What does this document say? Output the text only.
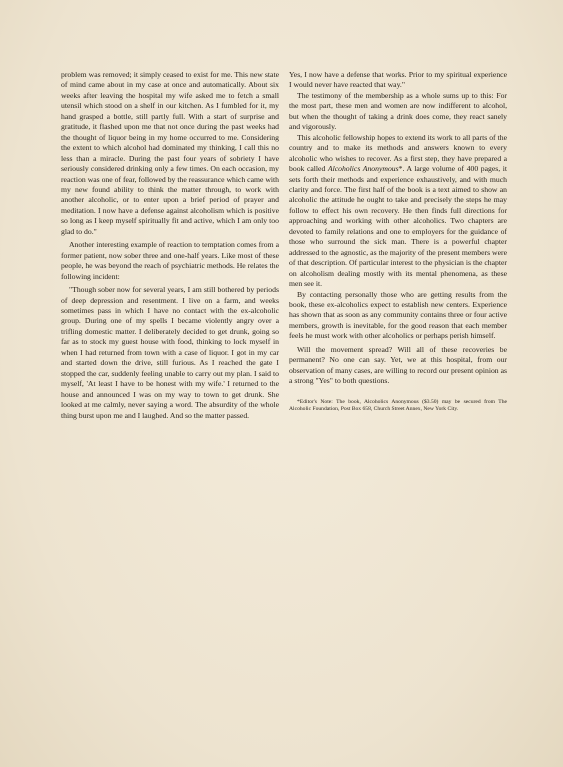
problem was removed; it simply ceased to exist for me. This new state of mind came about in my case at once and automatically. About six weeks after leaving the hospital my wife asked me to fetch a small utensil which stood on a shelf in our kitchen. As I fumbled for it, my hand grasped a bottle, still partly full. With a start of surprise and gratitude, it flashed upon me that not once during the past weeks had the thought of liquor being in my home occurred to me. Considering the extent to which alcohol had dominated my thinking, I call this no less than a miracle. During the past four years of sobriety I have seriously considered drinking only a few times. On each occasion, my reaction was one of fear, followed by the reassurance which came with my new found ability to think the matter through, to work with another alcoholic, or to enter upon a brief period of prayer and meditation. I now have a defense against alcoholism which is positive so long as I keep myself spiritually fit and active, which I am only too glad to do."

Another interesting example of reaction to temptation comes from a former patient, now sober three and one-half years. Like most of these people, he was beyond the reach of psychiatric methods. He relates the following incident:

"Though sober now for several years, I am still bothered by periods of deep depression and resentment. I live on a farm, and weeks sometimes pass in which I have no contact with the ex-alcoholic group. During one of my spells I became violently angry over a trifling domestic matter. I deliberately decided to get drunk, going so far as to stock my guest house with food, thinking to lock myself in when I had returned from town with a case of liquor. I got in my car and started down the drive, still furious. As I reached the gate I stopped the car, suddenly feeling unable to carry out my plan. I said to myself, 'At least I have to be honest with my wife.' I returned to the house and announced I was on my way to town to get drunk. She looked at me calmly, never saying a word. The absurdity of the whole thing burst upon me and I laughed. And so the matter passed.

Yes, I now have a defense that works. Prior to my spiritual experience I would never have reacted that way."

The testimony of the membership as a whole sums up to this: For the most part, these men and women are now indifferent to alcohol, but when the thought of taking a drink does come, they react sanely and vigorously.

This alcoholic fellowship hopes to extend its work to all parts of the country and to make its methods and answers known to every alcoholic who wishes to recover. As a first step, they have prepared a book called Alcoholics Anonymous*. A large volume of 400 pages, it sets forth their methods and experience exhaustively, and with much clarity and force. The first half of the book is a text aimed to show an alcoholic the attitude he ought to take and precisely the steps he may follow to effect his own recovery. He then finds full directions for approaching and working with other alcoholics. Two chapters are devoted to family relations and one to employers for the guidance of those who surround the sick man. There is a powerful chapter addressed to the agnostic, as the majority of the present members were of that description. Of particular interest to the physician is the chapter on alcoholism dealing mostly with its mental phenomena, as these men see it.

By contacting personally those who are getting results from the book, these ex-alcoholics expect to establish new centers. Experience has shown that as soon as any community contains three or four active members, growth is inevitable, for the good reason that each member feels he must work with other alcoholics or perhaps perish himself.

Will the movement spread? Will all of these recoveries be permanent? No one can say. Yet, we at this hospital, from our observation of many cases, are willing to record our present opinion as a strong "Yes" to both questions.

*Editor's Note: The book, Alcoholics Anonymous ($3.50) may be secured from The Alcoholic Foundation, Post Box 658, Church Street Annex, New York City.
